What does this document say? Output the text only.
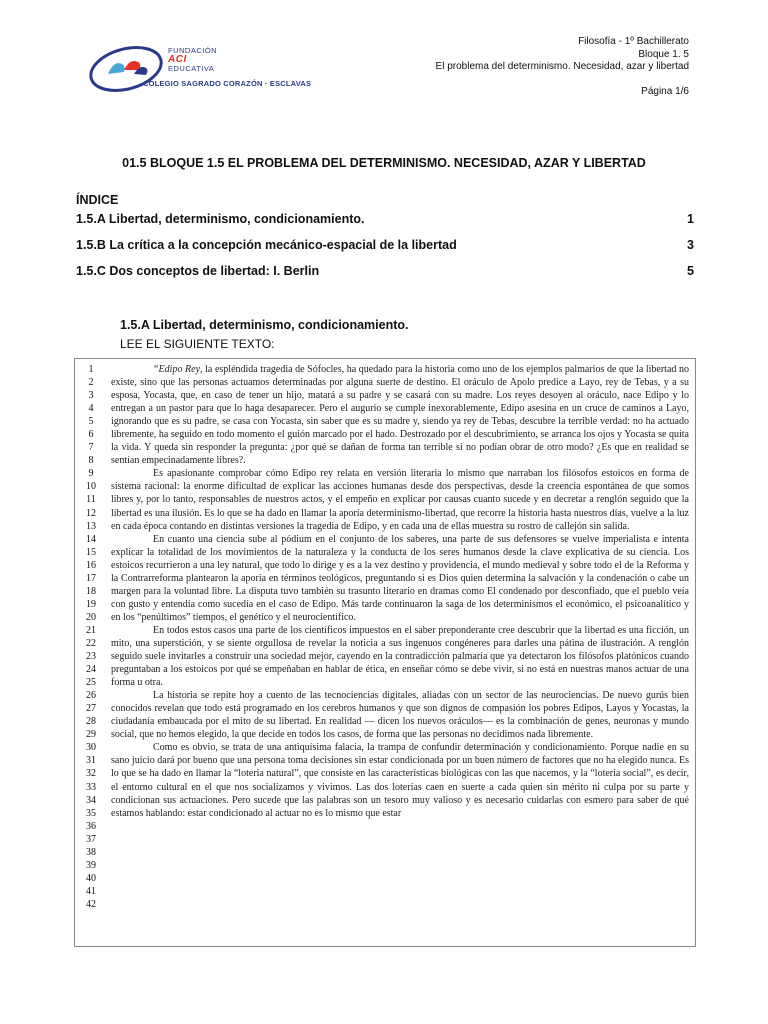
FUNDACIÓN
ACI
EDUCATIVA
COLEGIO SAGRADO CORAZÓN · ESCLAVAS
Filosofía - 1º Bachillerato
Bloque 1. 5
El problema del determinismo. Necesidad, azar y libertad
Página 1/6
01.5 BLOQUE 1.5 EL PROBLEMA DEL DETERMINISMO. NECESIDAD, AZAR Y LIBERTAD
ÍNDICE
1.5.A Libertad, determinismo, condicionamiento.	1
1.5.B La crítica a la concepción mecánico-espacial de la libertad	3
1.5.C Dos conceptos de libertad: I. Berlin	5
1.5.A Libertad, determinismo, condicionamiento.
LEE EL SIGUIENTE TEXTO:
1
2
3
4
5
6
7
8
9
10
11
12
13
14
15
16
17
18
19
20
21
22
23
24
25
26
27
28
29
30
31
32
33
34
35
36
37
38
39
40
41
42

“Edipo Rey, la espléndida tragedia de Sófocles, ha quedado para la historia como uno de los ejemplos palmarios de que la libertad no existe, sino que las personas actuamos determinadas por alguna suerte de destino. El oráculo de Apolo predice a Layo, rey de Tebas, y a su esposa, Yocasta, que, en caso de tener un hijo, matará a su padre y se casará con su madre. Los reyes desoyen al oráculo, nace Edipo y lo entregan a un pastor para que lo haga desaparecer. Pero el augurio se cumple inexorablemente, Edipo asesina en un cruce de caminos a Layo, ignorando que es su padre, se casa con Yocasta, sin saber que es su madre y, siendo ya rey de Tebas, descubre la terrible verdad: no ha actuado libremente, ha seguido en todo momento el guión marcado por el hado. Destrozado por el descubrimiento, se arranca los ojos y Yocasta se quita la vida. Y queda sin responder la pregunta: ¿por qué se dañan de forma tan terrible si no podían obrar de otro modo? ¿Es que en realidad se sentían empecinadamente libres?.

Es apasionante comprobar cómo Edipo rey relata en versión literaria lo mismo que narraban los filósofos estoicos en forma de sistema racional: la enorme dificultad de explicar las acciones humanas desde dos perspectivas, desde la creencia espontánea de que somos libres y, por lo tanto, responsables de nuestros actos, y el empeño en explicar por causas cuanto sucede y en decretar a renglón seguido que la libertad es una ilusión. Es lo que se ha dado en llamar la aporía determinismo-libertad, que recorre la historia hasta nuestros días, vuelve a la luz en cada época contando en distintas versiones la tragedia de Edipo, y en cada una de ellas muestra su rostro de callejón sin salida.

En cuanto una ciencia sube al pódium en el conjunto de los saberes, una parte de sus defensores se vuelve imperialista e intenta explicar la totalidad de los movimientos de la naturaleza y la conducta de los seres humanos desde la clave explicativa de su ciencia. Los estoicos recurrieron a una ley natural, que todo lo dirige y es a la vez destino y providencia, el mundo medieval y sobre todo el de la Reforma y la Contrarreforma plantearon la aporía en términos teológicos, preguntando si es Dios quien determina la salvación y la condenación o cabe un margen para la voluntad libre. La disputa tuvo también su trasunto literario en dramas como El condenado por desconfiado, que el pueblo veía con gusto y entendía como sucedía en el caso de Edipo. Más tarde continuaron la saga de los determinismos el económico, el psicoanalítico y en los “penúltimos” tiempos, el genético y el neurocientífico.

En todos estos casos una parte de los científicos impuestos en el saber preponderante cree descubrir que la libertad es una ficción, un mito, una superstición, y se siente orgullosa de revelar la noticia a sus ingenuos congéneres para darles una pátina de ilustración. A renglón seguido suele invitarles a construir una sociedad mejor, cayendo en la contradicción palmaria que ya detectaron los filósofos platónicos cuando preguntaban a los estoicos por qué se empeñaban en hablar de ética, en enseñar cómo se debe vivir, si no está en nuestras manos actuar de una forma u otra.

La historia se repite hoy a cuento de las tecnociencias digitales, aliadas con un sector de las neurociencias. De nuevo gurús bien conocidos revelan que todo está programado en los cerebros humanos y que son dignos de compasión los pobres Edipos, Layos y Yocastas, la ciudadanía embaucada por el mito de su libertad. En realidad — dicen los nuevos oráculos— es la combinación de genes, neuronas y mundo social, que no hemos elegido, la que decide en todos los casos, de forma que las personas no decidimos nada libremente.

Como es obvio, se trata de una antiquísima falacia, la trampa de confundir determinación y condicionamiento. Porque nadie en su sano juicio dará por bueno que una persona toma decisiones sin estar condicionada por un buen número de factores que no ha elegido nunca. Es lo que se ha dado en llamar la “lotería natural”, que consiste en las características biológicas con las que nacemos, y la “lotería social”, es decir, el entorno cultural en el que nos socializamos y vivimos. Las dos loterías caen en suerte a cada quien sin mérito ni culpa por su parte y condicionan sus actuaciones. Pero sucede que las palabras son un tesoro muy valioso y es necesario cuidarlas con esmero para saber de qué estamos hablando: estar condicionado al actuar no es lo mismo que estar
